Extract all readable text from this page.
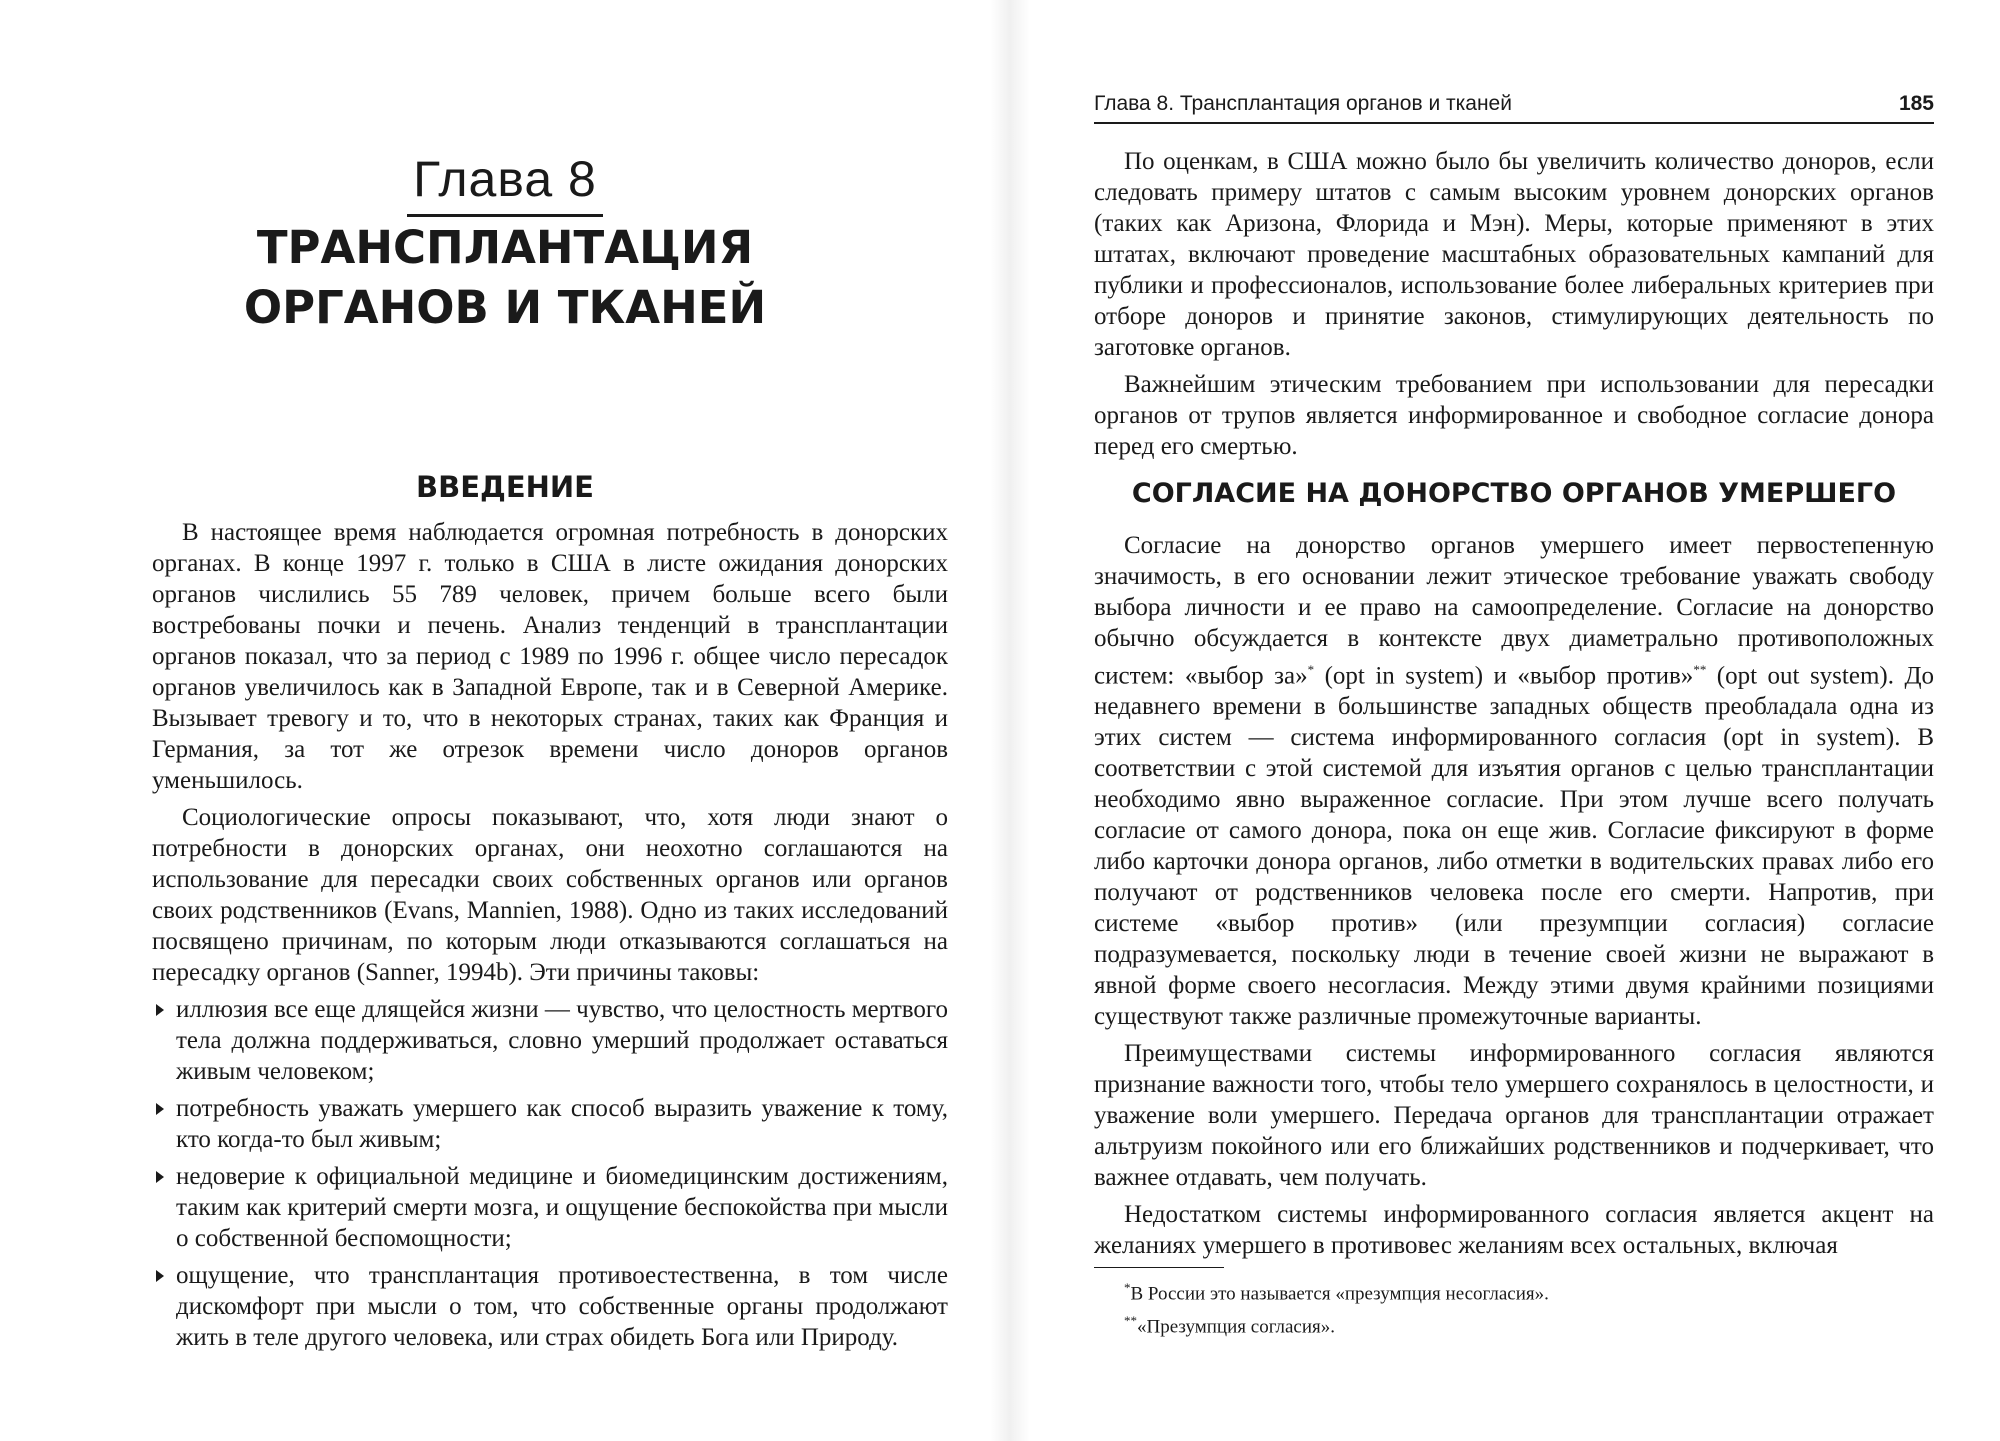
Глава 8
ТРАНСПЛАНТАЦИЯ
ОРГАНОВ И ТКАНЕЙ
ВВЕДЕНИЕ

В настоящее время наблюдается огромная потребность в донорских органах. В конце 1997 г. только в США в листе ожидания донорских органов числились 55 789 человек, причем больше всего были востребованы почки и печень. Анализ тенденций в трансплантации органов показал, что за период с 1989 по 1996 г. общее число пересадок органов увеличилось как в Западной Европе, так и в Северной Америке. Вызывает тревогу и то, что в некоторых странах, таких как Франция и Германия, за тот же отрезок времени число доноров органов уменьшилось.

Социологические опросы показывают, что, хотя люди знают о потребности в донорских органах, они неохотно соглашаются на использование для пересадки своих собственных органов или органов своих родственников (Evans, Mannien, 1988). Одно из таких исследований посвящено причинам, по которым люди отказываются соглашаться на пересадку органов (Sanner, 1994b). Эти причины таковы:

иллюзия все еще длящейся жизни — чувство, что целостность мертвого тела должна поддерживаться, словно умерший продолжает оставаться живым человеком;
потребность уважать умершего как способ выразить уважение к тому, кто когда-то был живым;
недоверие к официальной медицине и биомедицинским достижениям, таким как критерий смерти мозга, и ощущение беспокойства при мысли о собственной беспомощности;
ощущение, что трансплантация противоестественна, в том числе дискомфорт при мысли о том, что собственные органы продолжают жить в теле другого человека, или страх обидеть Бога или Природу.
Глава 8. Трансплантация органов и тканей	185

По оценкам, в США можно было бы увеличить количество доноров, если следовать примеру штатов с самым высоким уровнем донорских органов (таких как Аризона, Флорида и Мэн). Меры, которые применяют в этих штатах, включают проведение масштабных образовательных кампаний для публики и профессионалов, использование более либеральных критериев при отборе доноров и принятие законов, стимулирующих деятельность по заготовке органов.

Важнейшим этическим требованием при использовании для пересадки органов от трупов является информированное и свободное согласие донора перед его смертью.

СОГЛАСИЕ НА ДОНОРСТВО ОРГАНОВ УМЕРШЕГО

Согласие на донорство органов умершего имеет первостепенную значимость, в его основании лежит этическое требование уважать свободу выбора личности и ее право на самоопределение. Согласие на донорство обычно обсуждается в контексте двух диаметрально противоположных систем: «выбор за»* (opt in system) и «выбор против»** (opt out system). До недавнего времени в большинстве западных обществ преобладала одна из этих систем — система информированного согласия (opt in system). В соответствии с этой системой для изъятия органов с целью трансплантации необходимо явно выраженное согласие. При этом лучше всего получать согласие от самого донора, пока он еще жив. Согласие фиксируют в форме либо карточки донора органов, либо отметки в водительских правах либо его получают от родственников человека после его смерти. Напротив, при системе «выбор против» (или презумпции согласия) согласие подразумевается, поскольку люди в течение своей жизни не выражают в явной форме своего несогласия. Между этими двумя крайними позициями существуют также различные промежуточные варианты.

Преимуществами системы информированного согласия являются признание важности того, чтобы тело умершего сохранялось в целостности, и уважение воли умершего. Передача органов для трансплантации отражает альтруизм покойного или его ближайших родственников и подчеркивает, что важнее отдавать, чем получать.

Недостатком системы информированного согласия является акцент на желаниях умершего в противовес желаниям всех остальных, включая

*В России это называется «презумпция несогласия».
**«Презумпция согласия».
